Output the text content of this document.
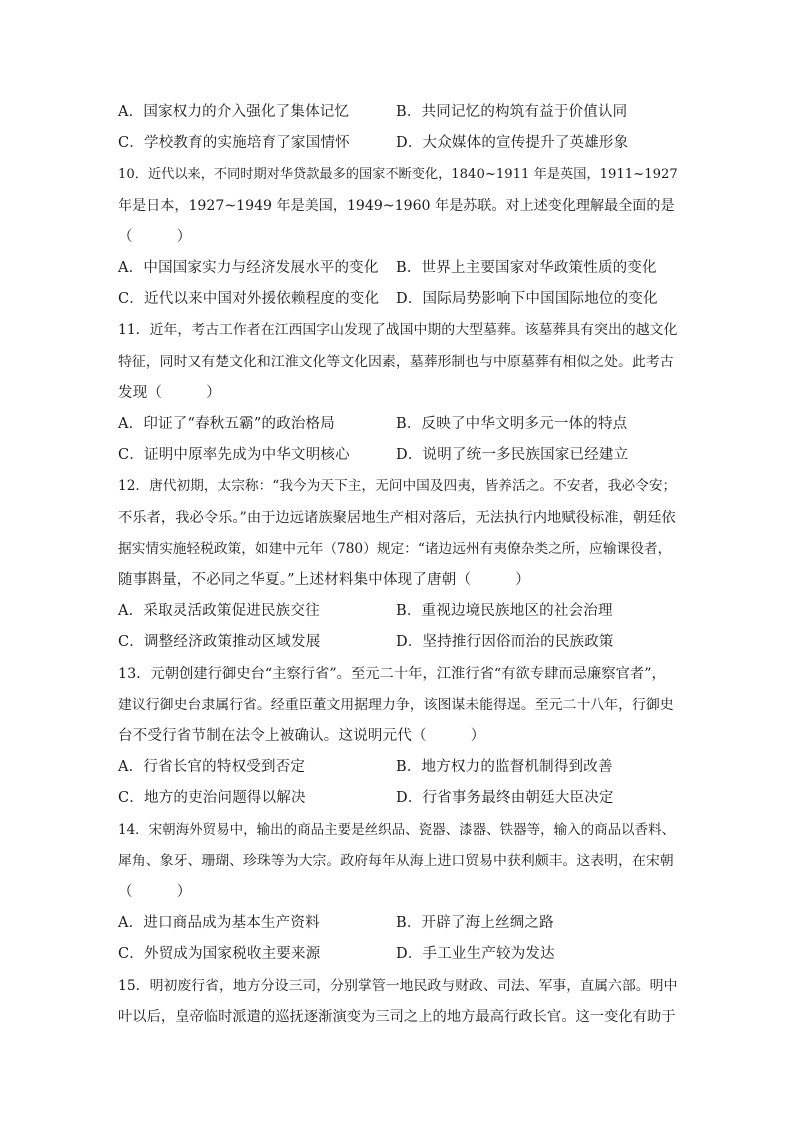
A．国家权力的介入强化了集体记忆	B．共同记忆的构筑有益于价值认同
C．学校教育的实施培育了家国情怀	D．大众媒体的宣传提升了英雄形象
10．近代以来，不同时期对华贷款最多的国家不断变化，1840~1911 年是英国，1911~1927
年是日本，1927~1949 年是美国，1949~1960 年是苏联。对上述变化理解最全面的是
（　　　）
A．中国国家实力与经济发展水平的变化 B．世界上主要国家对华政策性质的变化
C．近代以来中国对外援依赖程度的变化 D．国际局势影响下中国国际地位的变化
11．近年，考古工作者在江西国字山发现了战国中期的大型墓葬。该墓葬具有突出的越文化
特征，同时又有楚文化和江淮文化等文化因素，墓葬形制也与中原墓葬有相似之处。此考古
发现（　　　）
A．印证了“春秋五霸”的政治格局	B．反映了中华文明多元一体的特点
C．证明中原率先成为中华文明核心	D．说明了统一多民族国家已经建立
12．唐代初期，太宗称：“我今为天下主，无问中国及四夷，皆养活之。不安者，我必令安；
不乐者，我必令乐。”由于边远诸族聚居地生产相对落后，无法执行内地赋役标准，朝廷依
据实情实施轻税政策，如建中元年（780）规定：“诸边远州有夷僚杂类之所，应输课役者，
随事斟量，不必同之华夏。”上述材料集中体现了唐朝（　　　）
A．采取灵活政策促进民族交往	B．重视边境民族地区的社会治理
C．调整经济政策推动区域发展	D．坚持推行因俗而治的民族政策
13．元朝创建行御史台“主察行省”。至元二十年，江淮行省“有欲专肆而忌廉察官者”，
建议行御史台隶属行省。经重臣董文用据理力争，该图谋未能得逞。至元二十八年，行御史
台不受行省节制在法令上被确认。这说明元代（　　　）
A．行省长官的特权受到否定	B．地方权力的监督机制得到改善
C．地方的吏治问题得以解决	D．行省事务最终由朝廷大臣决定
14．宋朝海外贸易中，输出的商品主要是丝织品、瓷器、漆器、铁器等，输入的商品以香料、
犀角、象牙、珊瑚、珍珠等为大宗。政府每年从海上进口贸易中获利颇丰。这表明，在宋朝
（　　　）
A．进口商品成为基本生产资料	B．开辟了海上丝绸之路
C．外贸成为国家税收主要来源	D．手工业生产较为发达
15．明初废行省，地方分设三司，分别掌管一地民政与财政、司法、军事，直属六部。明中
叶以后，皇帝临时派遣的巡抚逐渐演变为三司之上的地方最高行政长官。这一变化有助于
